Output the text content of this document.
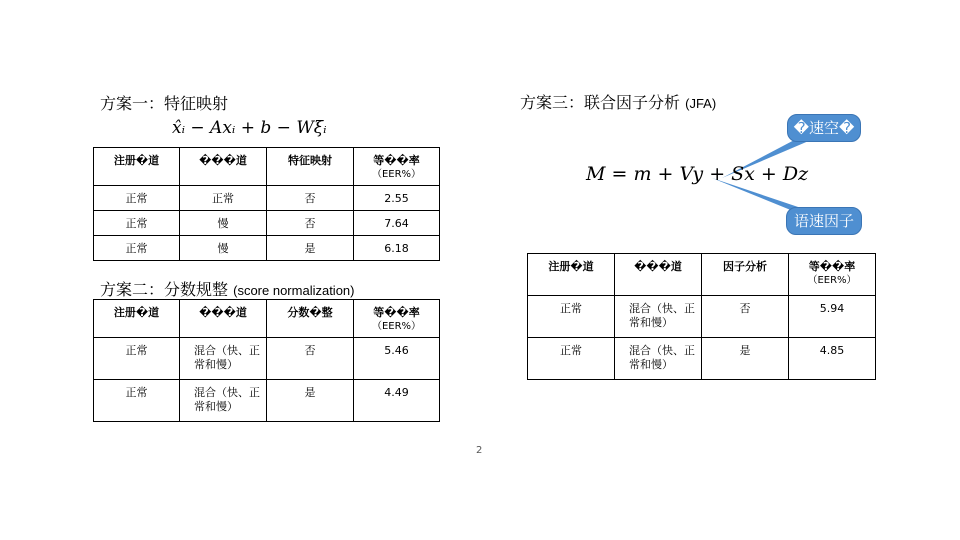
方案一：特征映射
x̂ᵢ − Axᵢ + b − Wξᵢ
注册�道	���道	特征映射	等��率
（EER%）

正常	正常	否	2.55

正常	慢	否	7.64

正常	慢	是	6.18
方案二：分数规整 (score normalization)
注册�道	���道	分数�整	等��率
（EER%）

正常	混合（快、正常和慢）	否	5.46

正常	混合（快、正常和慢）	是	4.49
方案三：联合因子分析 (JFA)
�速空�
语速因子
M = m + Vy + Sx + Dz
注册�道	���道	因子分析	等��率
（EER%）

正常	混合（快、正常和慢）	否	5.94

正常	混合（快、正常和慢）	是	4.85
2
